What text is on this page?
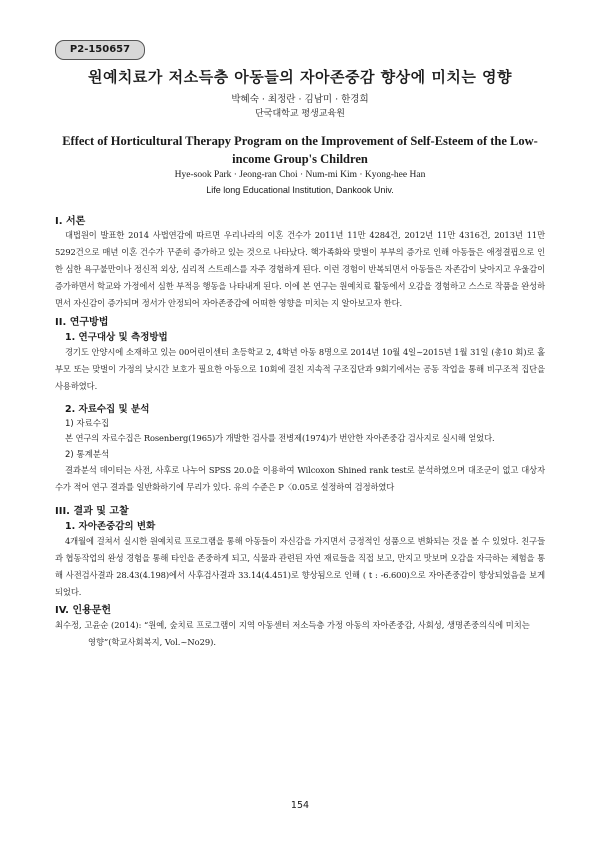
P2-150657
원예치료가 저소득층 아동들의 자아존중감 향상에 미치는 영향
박혜숙 · 최정란 · 김남미 · 한경희
단국대학교 평생교육원
Effect of Horticultural Therapy Program on the Improvement of Self-Esteem of the Low-income Group's Children
Hye-sook Park · Jeong-ran Choi · Num-mi Kim · Kyong-hee Han
Life long Educational Institution, Dankook Univ.
I. 서론
대법원이 발표한 2014 사법연감에 따르면 우리나라의 이혼 건수가 2011년 11만 4284건, 2012년 11만 4316건, 2013년 11만 5292건으로 매년 이혼 건수가 꾸준히 증가하고 있는 것으로 나타났다. 핵가족화와 맞벌이 부부의 증가로 인해 아동들은 애정결핍으로 인한 심한 욕구불만이나 정신적 외상, 심리적 스트레스를 자주 경험하게 된다. 이런 경험이 반복되면서 아동들은 자존감이 낮아지고 우울감이 증가하면서 학교와 가정에서 심한 부적응 행동을 나타내게 된다. 이에 본 연구는 원예치료 활동에서 오감을 경험하고 스스로 작품을 완성하면서 자신감이 증가되며 정서가 안정되어 자아존중감에 어떠한 영향을 미치는 지 알아보고자 한다.
II. 연구방법
1. 연구대상 및 측정방법
경기도 안양시에 소재하고 있는 00어린이센터 초등학교 2, 4학년 아동 8명으로 2014년 10월 4일~2015년 1월 31일 (총10 회)로 홀부모 또는 맞벌이 가정의 낮시간 보호가 필요한 아동으로 10회에 걸친 지속적 구조집단과 9회기에서는 공동 작업을 통해 비구조적 집단을 사용하였다.
2. 자료수집 및 분석
1) 자료수집
본 연구의 자료수집은 Rosenberg(1965)가 개발한 검사를 전병제(1974)가 번안한 자아존중감 검사지로 실시해 얻었다.
2) 통계분석
결과분석 데이터는 사전, 사후로 나누어 SPSS 20.0을 이용하여 Wilcoxon Shined rank test로 분석하였으며 대조군이 없고 대상자 수가 적어 연구 결과를 일반화하기에 무리가 있다. 유의 수준은 P〈0.05로 설정하여 검정하였다
III. 결과 및 고찰
1. 자아존중감의 변화
4개월에 걸쳐서 실시한 원예치료 프로그램을 통해 아동들이 자신감을 가지면서 긍정적인 성품으로 변화되는 것을 볼 수 있었다. 친구들과 협동작업의 완성 경험을 통해 타인을 존중하게 되고, 식물과 관련된 자연 재료들을 직접 보고, 만지고 맛보며 오감을 자극하는 체험을 통해 사전검사결과 28.43(4.198)에서 사후검사결과 33.14(4.451)로 향상됨으로 인해 ( t : -6.600)으로 자아존중감이 향상되었음을 보게 되었다.
IV. 인용문헌
최수정, 고윤순 (2014): “원예, 숲치료 프로그램이 지역 아동센터 저소득층 가정 아동의 자아존중감, 사회성, 생명존중의식에 미치는
영향”(학교사회복지, Vol.~No29).
154
